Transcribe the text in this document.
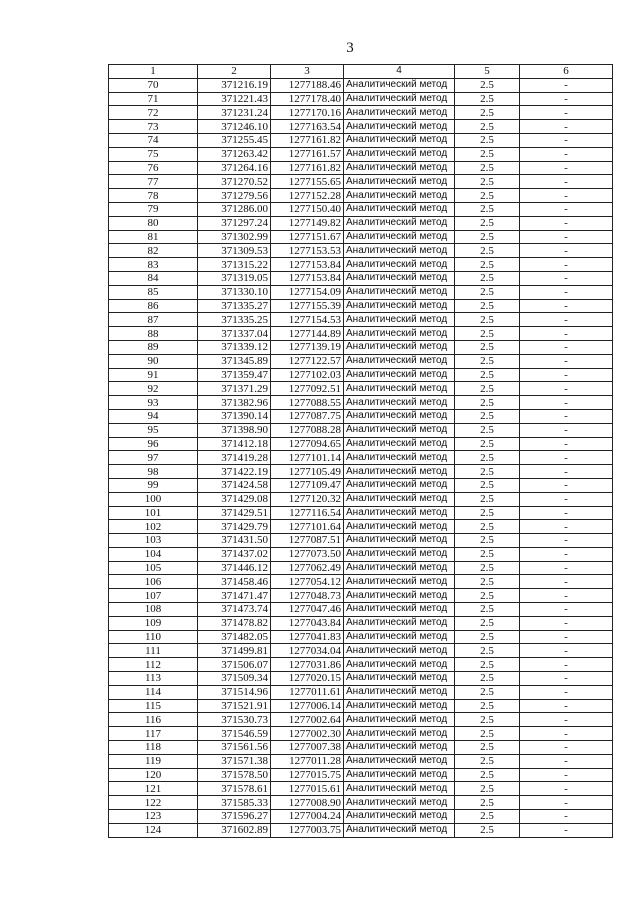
3
1	2	3	4	5	6
70	371216.19	1277188.46	Аналитический метод	2.5	-
71	371221.43	1277178.40	Аналитический метод	2.5	-
72	371231.24	1277170.16	Аналитический метод	2.5	-
73	371246.10	1277163.54	Аналитический метод	2.5	-
74	371255.45	1277161.82	Аналитический метод	2.5	-
75	371263.42	1277161.57	Аналитический метод	2.5	-
76	371264.16	1277161.82	Аналитический метод	2.5	-
77	371270.52	1277155.65	Аналитический метод	2.5	-
78	371279.56	1277152.28	Аналитический метод	2.5	-
79	371286.00	1277150.40	Аналитический метод	2.5	-
80	371297.24	1277149.82	Аналитический метод	2.5	-
81	371302.99	1277151.67	Аналитический метод	2.5	-
82	371309.53	1277153.53	Аналитический метод	2.5	-
83	371315.22	1277153.84	Аналитический метод	2.5	-
84	371319.05	1277153.84	Аналитический метод	2.5	-
85	371330.10	1277154.09	Аналитический метод	2.5	-
86	371335.27	1277155.39	Аналитический метод	2.5	-
87	371335.25	1277154.53	Аналитический метод	2.5	-
88	371337.04	1277144.89	Аналитический метод	2.5	-
89	371339.12	1277139.19	Аналитический метод	2.5	-
90	371345.89	1277122.57	Аналитический метод	2.5	-
91	371359.47	1277102.03	Аналитический метод	2.5	-
92	371371.29	1277092.51	Аналитический метод	2.5	-
93	371382.96	1277088.55	Аналитический метод	2.5	-
94	371390.14	1277087.75	Аналитический метод	2.5	-
95	371398.90	1277088.28	Аналитический метод	2.5	-
96	371412.18	1277094.65	Аналитический метод	2.5	-
97	371419.28	1277101.14	Аналитический метод	2.5	-
98	371422.19	1277105.49	Аналитический метод	2.5	-
99	371424.58	1277109.47	Аналитический метод	2.5	-
100	371429.08	1277120.32	Аналитический метод	2.5	-
101	371429.51	1277116.54	Аналитический метод	2.5	-
102	371429.79	1277101.64	Аналитический метод	2.5	-
103	371431.50	1277087.51	Аналитический метод	2.5	-
104	371437.02	1277073.50	Аналитический метод	2.5	-
105	371446.12	1277062.49	Аналитический метод	2.5	-
106	371458.46	1277054.12	Аналитический метод	2.5	-
107	371471.47	1277048.73	Аналитический метод	2.5	-
108	371473.74	1277047.46	Аналитический метод	2.5	-
109	371478.82	1277043.84	Аналитический метод	2.5	-
110	371482.05	1277041.83	Аналитический метод	2.5	-
111	371499.81	1277034.04	Аналитический метод	2.5	-
112	371506.07	1277031.86	Аналитический метод	2.5	-
113	371509.34	1277020.15	Аналитический метод	2.5	-
114	371514.96	1277011.61	Аналитический метод	2.5	-
115	371521.91	1277006.14	Аналитический метод	2.5	-
116	371530.73	1277002.64	Аналитический метод	2.5	-
117	371546.59	1277002.30	Аналитический метод	2.5	-
118	371561.56	1277007.38	Аналитический метод	2.5	-
119	371571.38	1277011.28	Аналитический метод	2.5	-
120	371578.50	1277015.75	Аналитический метод	2.5	-
121	371578.61	1277015.61	Аналитический метод	2.5	-
122	371585.33	1277008.90	Аналитический метод	2.5	-
123	371596.27	1277004.24	Аналитический метод	2.5	-
124	371602.89	1277003.75	Аналитический метод	2.5	-
